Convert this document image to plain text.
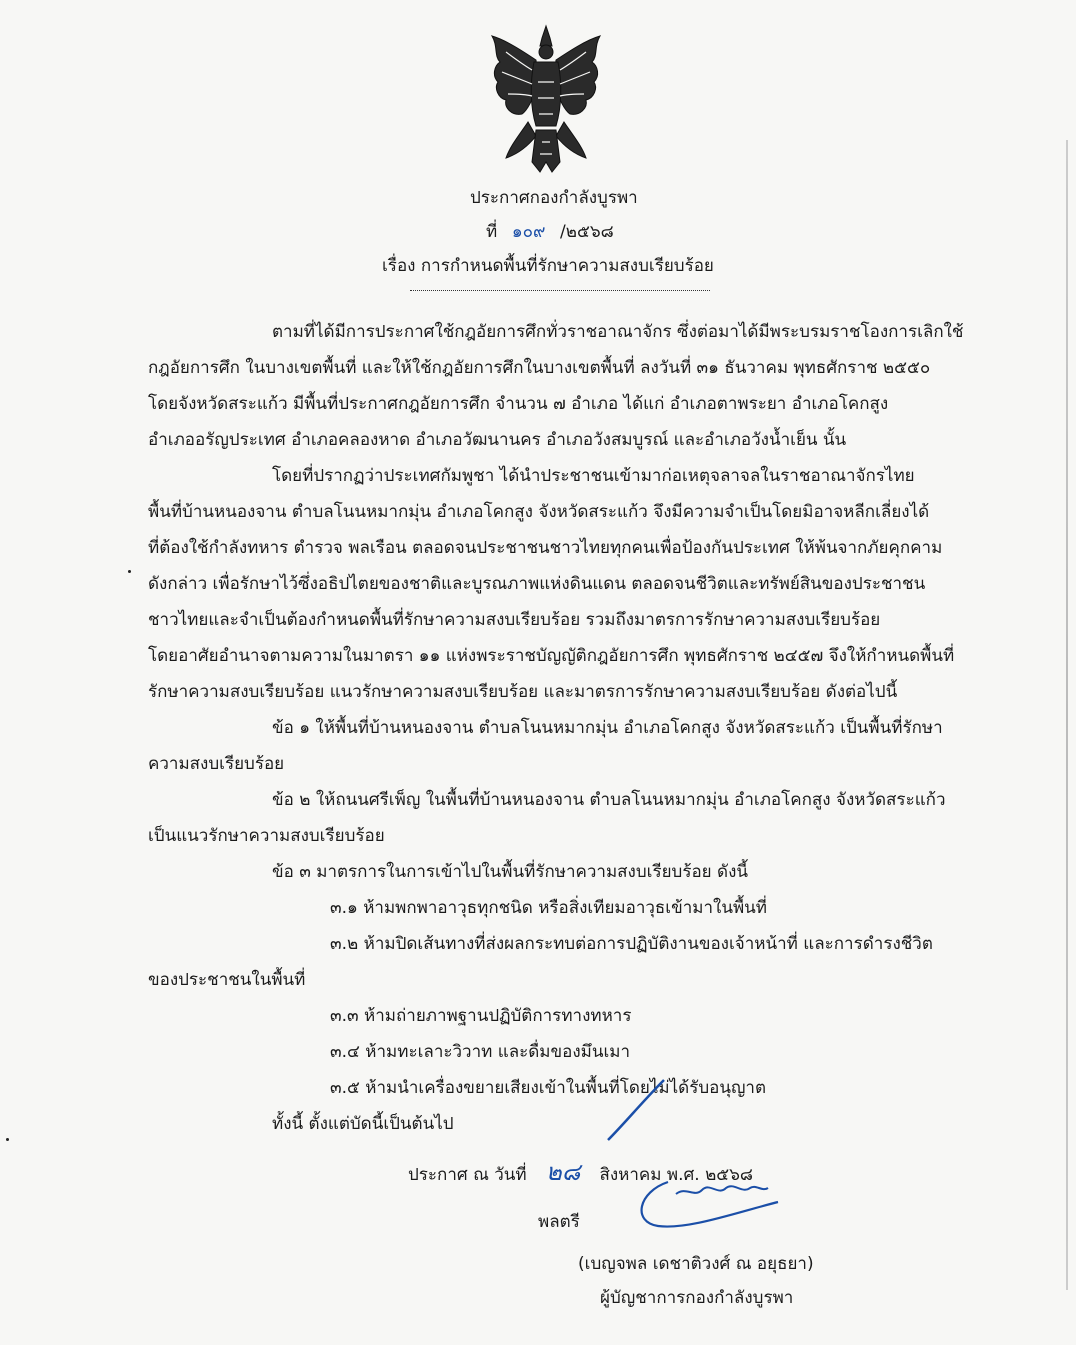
ประกาศกองกำลังบูรพา
ที่ ๑๐๙ /๒๕๖๘
เรื่อง การกำหนดพื้นที่รักษาความสงบเรียบร้อย
ตามที่ได้มีการประกาศใช้กฎอัยการศึกทั่วราชอาณาจักร ซึ่งต่อมาได้มีพระบรมราชโองการเลิกใช้
กฎอัยการศึก ในบางเขตพื้นที่ และให้ใช้กฎอัยการศึกในบางเขตพื้นที่ ลงวันที่ ๓๑ ธันวาคม พุทธศักราช ๒๕๕๐
โดยจังหวัดสระแก้ว มีพื้นที่ประกาศกฎอัยการศึก จำนวน ๗ อำเภอ ได้แก่ อำเภอตาพระยา อำเภอโคกสูง
อำเภออรัญประเทศ อำเภอคลองหาด อำเภอวัฒนานคร อำเภอวังสมบูรณ์ และอำเภอวังน้ำเย็น นั้น
โดยที่ปรากฏว่าประเทศกัมพูชา ได้นำประชาชนเข้ามาก่อเหตุจลาจลในราชอาณาจักรไทย
พื้นที่บ้านหนองจาน ตำบลโนนหมากมุ่น อำเภอโคกสูง จังหวัดสระแก้ว จึงมีความจำเป็นโดยมิอาจหลีกเลี่ยงได้
ที่ต้องใช้กำลังทหาร ตำรวจ พลเรือน ตลอดจนประชาชนชาวไทยทุกคนเพื่อป้องกันประเทศ ให้พ้นจากภัยคุกคาม
ดังกล่าว เพื่อรักษาไว้ซึ่งอธิปไตยของชาติและบูรณภาพแห่งดินแดน ตลอดจนชีวิตและทรัพย์สินของประชาชน
ชาวไทยและจำเป็นต้องกำหนดพื้นที่รักษาความสงบเรียบร้อย รวมถึงมาตรการรักษาความสงบเรียบร้อย
โดยอาศัยอำนาจตามความในมาตรา ๑๑ แห่งพระราชบัญญัติกฎอัยการศึก พุทธศักราช ๒๔๕๗ จึงให้กำหนดพื้นที่
รักษาความสงบเรียบร้อย แนวรักษาความสงบเรียบร้อย และมาตรการรักษาความสงบเรียบร้อย ดังต่อไปนี้
ข้อ ๑ ให้พื้นที่บ้านหนองจาน ตำบลโนนหมากมุ่น อำเภอโคกสูง จังหวัดสระแก้ว เป็นพื้นที่รักษา
ความสงบเรียบร้อย
ข้อ ๒ ให้ถนนศรีเพ็ญ ในพื้นที่บ้านหนองจาน ตำบลโนนหมากมุ่น อำเภอโคกสูง จังหวัดสระแก้ว
เป็นแนวรักษาความสงบเรียบร้อย
ข้อ ๓ มาตรการในการเข้าไปในพื้นที่รักษาความสงบเรียบร้อย ดังนี้
๓.๑ ห้ามพกพาอาวุธทุกชนิด หรือสิ่งเทียมอาวุธเข้ามาในพื้นที่
๓.๒ ห้ามปิดเส้นทางที่ส่งผลกระทบต่อการปฏิบัติงานของเจ้าหน้าที่ และการดำรงชีวิต
ของประชาชนในพื้นที่
๓.๓ ห้ามถ่ายภาพฐานปฏิบัติการทางทหาร
๓.๔ ห้ามทะเลาะวิวาท และดื่มของมึนเมา
๓.๕ ห้ามนำเครื่องขยายเสียงเข้าในพื้นที่โดยไม่ได้รับอนุญาต
ทั้งนี้ ตั้งแต่บัดนี้เป็นต้นไป
ประกาศ ณ วันที่ ๒๘ สิงหาคม พ.ศ. ๒๕๖๘
พลตรี
(เบญจพล เดชาติวงศ์ ณ อยุธยา)
ผู้บัญชาการกองกำลังบูรพา
